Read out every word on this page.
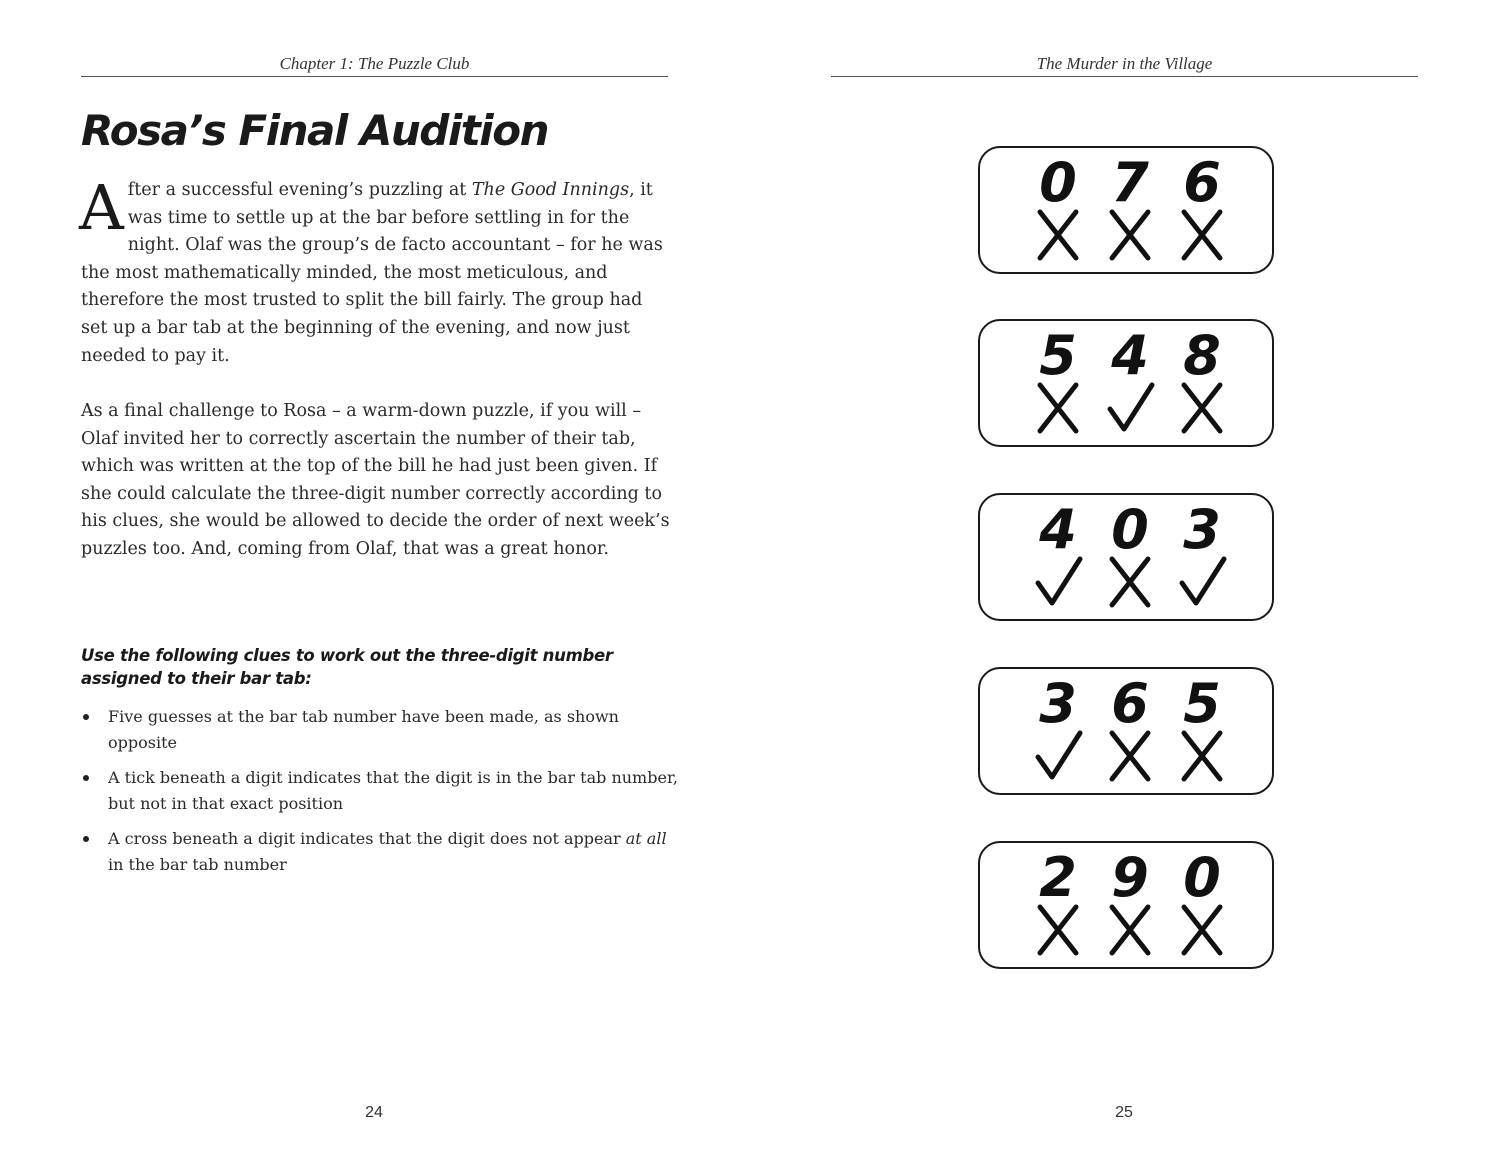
Chapter 1: The Puzzle Club
Rosa’s Final Audition

After a successful evening’s puzzling at The Good Innings, it was time to settle up at the bar before settling in for the night. Olaf was the group’s de facto accountant – for he was the most mathematically minded, the most meticulous, and therefore the most trusted to split the bill fairly. The group had set up a bar tab at the beginning of the evening, and now just needed to pay it.

As a final challenge to Rosa – a warm-down puzzle, if you will – Olaf invited her to correctly ascertain the number of their tab, which was written at the top of the bill he had just been given. If she could calculate the three-digit number correctly according to his clues, she would be allowed to decide the order of next week’s puzzles too. And, coming from Olaf, that was a great honor.

Use the following clues to work out the three-digit number assigned to their bar tab:

Five guesses at the bar tab number have been made, as shown opposite
A tick beneath a digit indicates that the digit is in the bar tab number, but not in that exact position
A cross beneath a digit indicates that the digit does not appear at all in the bar tab number
24
The Murder in the Village
0 7 6
5 4 8
4 0 3
3 6 5
2 9 0
25
